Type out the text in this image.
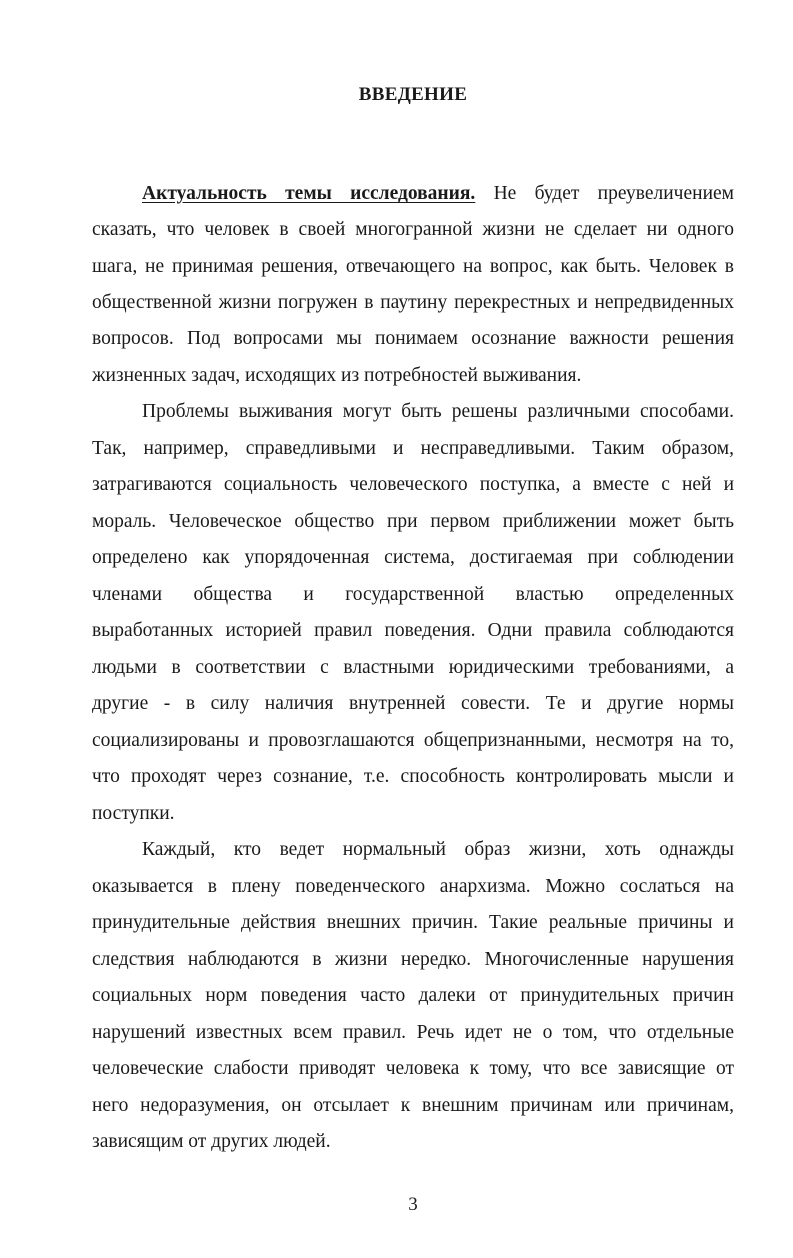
ВВЕДЕНИЕ
Актуальность темы исследования. Не будет преувеличением
сказать, что человек в своей многогранной жизни не сделает ни одного
шага, не принимая решения, отвечающего на вопрос, как быть. Человек в
общественной жизни погружен в паутину перекрестных и непредвиденных
вопросов. Под вопросами мы понимаем осознание важности решения
жизненных задач, исходящих из потребностей выживания.
Проблемы выживания могут быть решены различными способами.
Так, например, справедливыми и несправедливыми. Таким образом,
затрагиваются социальность человеческого поступка, а вместе с ней и
мораль. Человеческое общество при первом приближении может быть
определено как упорядоченная система, достигаемая при соблюдении
членами общества и государственной властью определенных
выработанных историей правил поведения. Одни правила соблюдаются
людьми в соответствии с властными юридическими требованиями, а
другие - в силу наличия внутренней совести. Те и другие нормы
социализированы и провозглашаются общепризнанными, несмотря на то,
что проходят через сознание, т.е. способность контролировать мысли и
поступки.
Каждый, кто ведет нормальный образ жизни, хоть однажды
оказывается в плену поведенческого анархизма. Можно сослаться на
принудительные действия внешних причин. Такие реальные причины и
следствия наблюдаются в жизни нередко. Многочисленные нарушения
социальных норм поведения часто далеки от принудительных причин
нарушений известных всем правил. Речь идет не о том, что отдельные
человеческие слабости приводят человека к тому, что все зависящие от
него недоразумения, он отсылает к внешним причинам или причинам,
зависящим от других людей.
3
